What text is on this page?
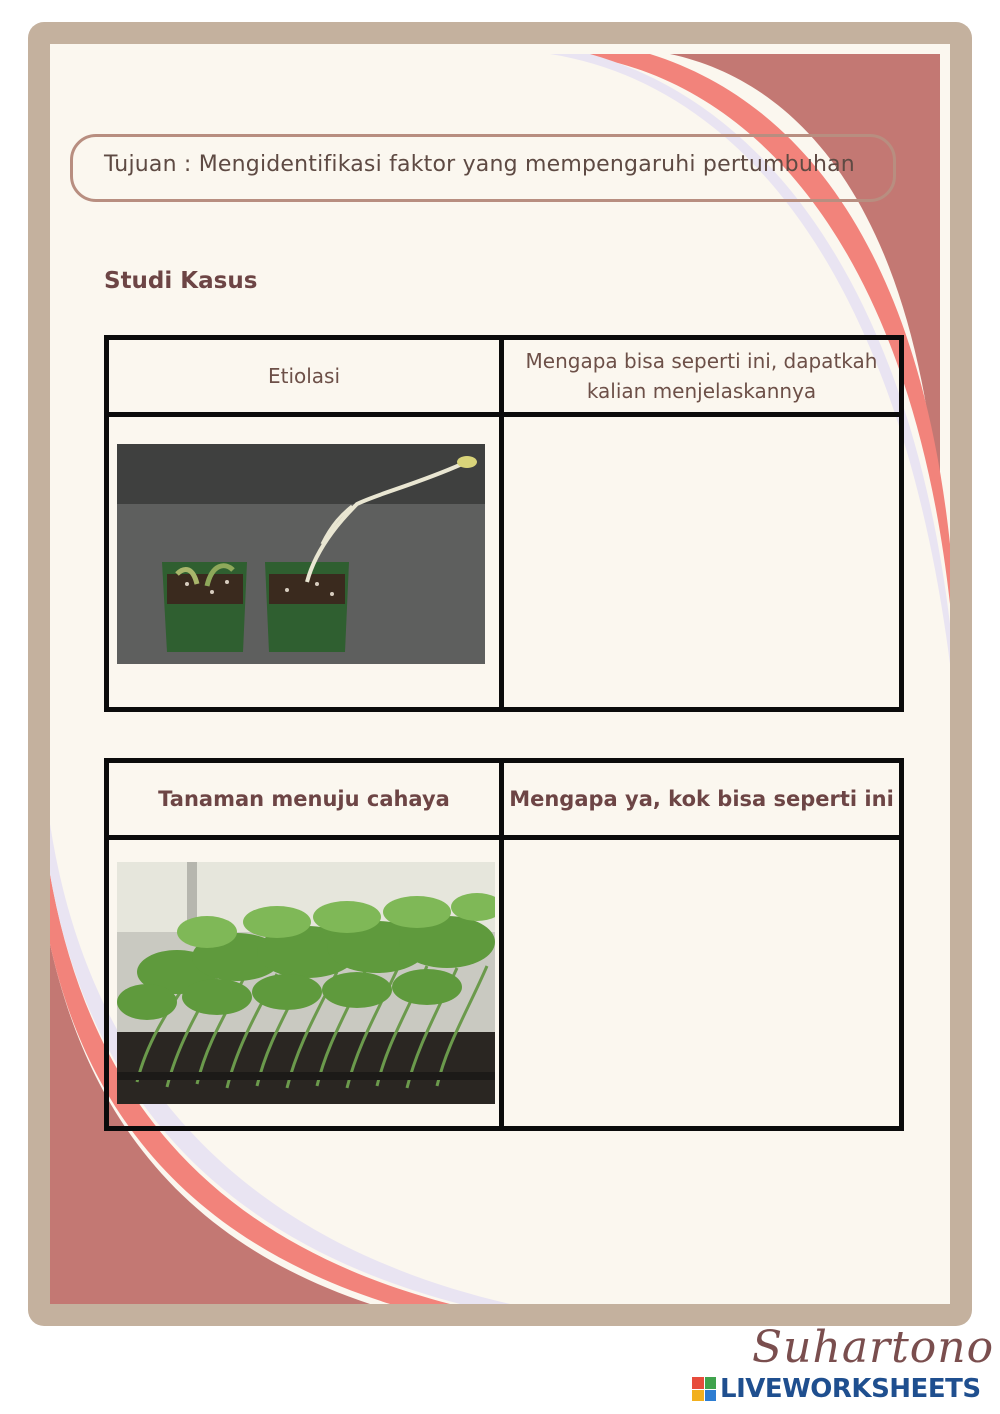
Tujuan : Mengidentifikasi faktor yang mempengaruhi pertumbuhan
Studi Kasus
Etiolasi	Mengapa bisa seperti ini, dapatkah kalian menjelaskannya

Tanaman menuju cahaya	Mengapa ya, kok bisa seperti ini

Suhartono
LIVEWORKSHEETS
